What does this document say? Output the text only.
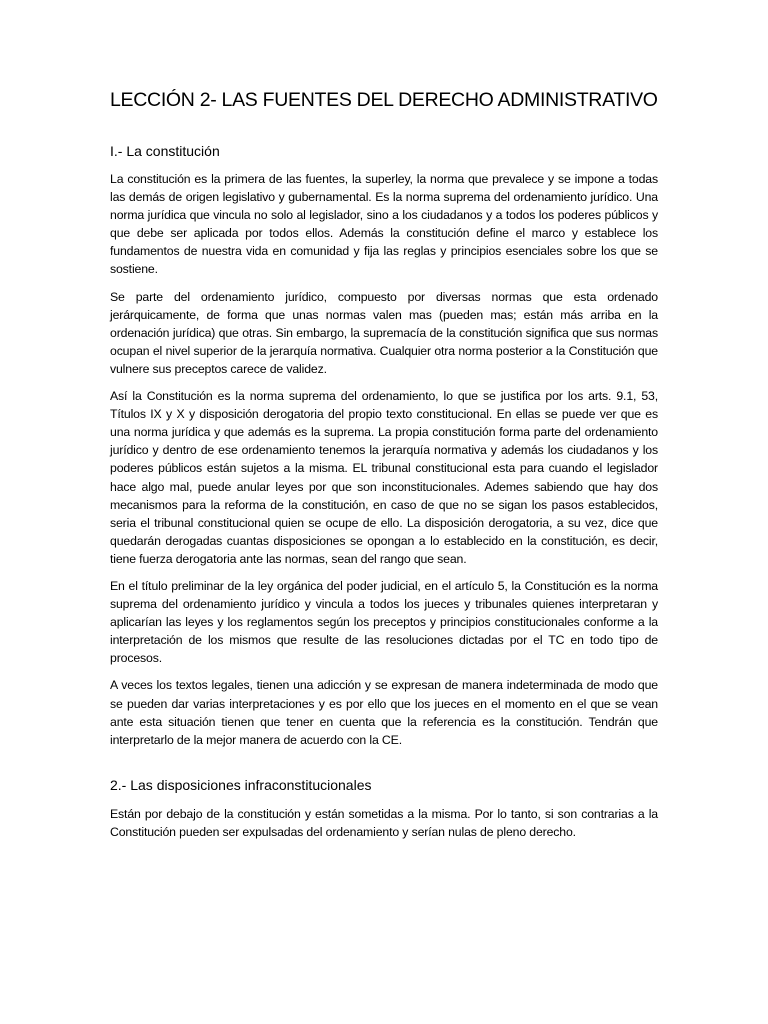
LECCIÓN 2- LAS FUENTES DEL DERECHO ADMINISTRATIVO
I.- La constitución

La constitución es la primera de las fuentes, la superley, la norma que prevalece y se impone a todas las demás de origen legislativo y gubernamental. Es la norma suprema del ordenamiento jurídico. Una norma jurídica que vincula no solo al legislador, sino a los ciudadanos y a todos los poderes públicos y que debe ser aplicada por todos ellos. Además la constitución define el marco y establece los fundamentos de nuestra vida en comunidad y fija las reglas y principios esenciales sobre los que se sostiene.

Se parte del ordenamiento jurídico, compuesto por diversas normas que esta ordenado jerárquicamente, de forma que unas normas valen mas (pueden mas; están más arriba en la ordenación jurídica) que otras. Sin embargo, la supremacía de la constitución significa que sus normas ocupan el nivel superior de la jerarquía normativa. Cualquier otra norma posterior a la Constitución que vulnere sus preceptos carece de validez.

Así la Constitución es la norma suprema del ordenamiento, lo que se justifica por los arts. 9.1, 53, Títulos IX y X y disposición derogatoria del propio texto constitucional. En ellas se puede ver que es una norma jurídica y que además es la suprema. La propia constitución forma parte del ordenamiento jurídico y dentro de ese ordenamiento tenemos la jerarquía normativa y además los ciudadanos y los poderes públicos están sujetos a la misma. EL tribunal constitucional esta para cuando el legislador hace algo mal, puede anular leyes por que son inconstitucionales. Ademes sabiendo que hay dos mecanismos para la reforma de la constitución, en caso de que no se sigan los pasos establecidos, seria el tribunal constitucional quien se ocupe de ello. La disposición derogatoria, a su vez, dice que quedarán derogadas cuantas disposiciones se opongan a lo establecido en la constitución, es decir, tiene fuerza derogatoria ante las normas, sean del rango que sean.

En el título preliminar de la ley orgánica del poder judicial, en el artículo 5, la Constitución es la norma suprema del ordenamiento jurídico y vincula a todos los jueces y tribunales quienes interpretaran y aplicarían las leyes y los reglamentos según los preceptos y principios constitucionales conforme a la interpretación de los mismos que resulte de las resoluciones dictadas por el TC en todo tipo de procesos.

A veces los textos legales, tienen una adicción y se expresan de manera indeterminada de modo que se pueden dar varias interpretaciones y es por ello que los jueces en el momento en el que se vean ante esta situación tienen que tener en cuenta que la referencia es la constitución. Tendrán que interpretarlo de la mejor manera de acuerdo con la CE.

2.- Las disposiciones infraconstitucionales

Están por debajo de la constitución y están sometidas a la misma. Por lo tanto, si son contrarias a la Constitución pueden ser expulsadas del ordenamiento y serían nulas de pleno derecho.
